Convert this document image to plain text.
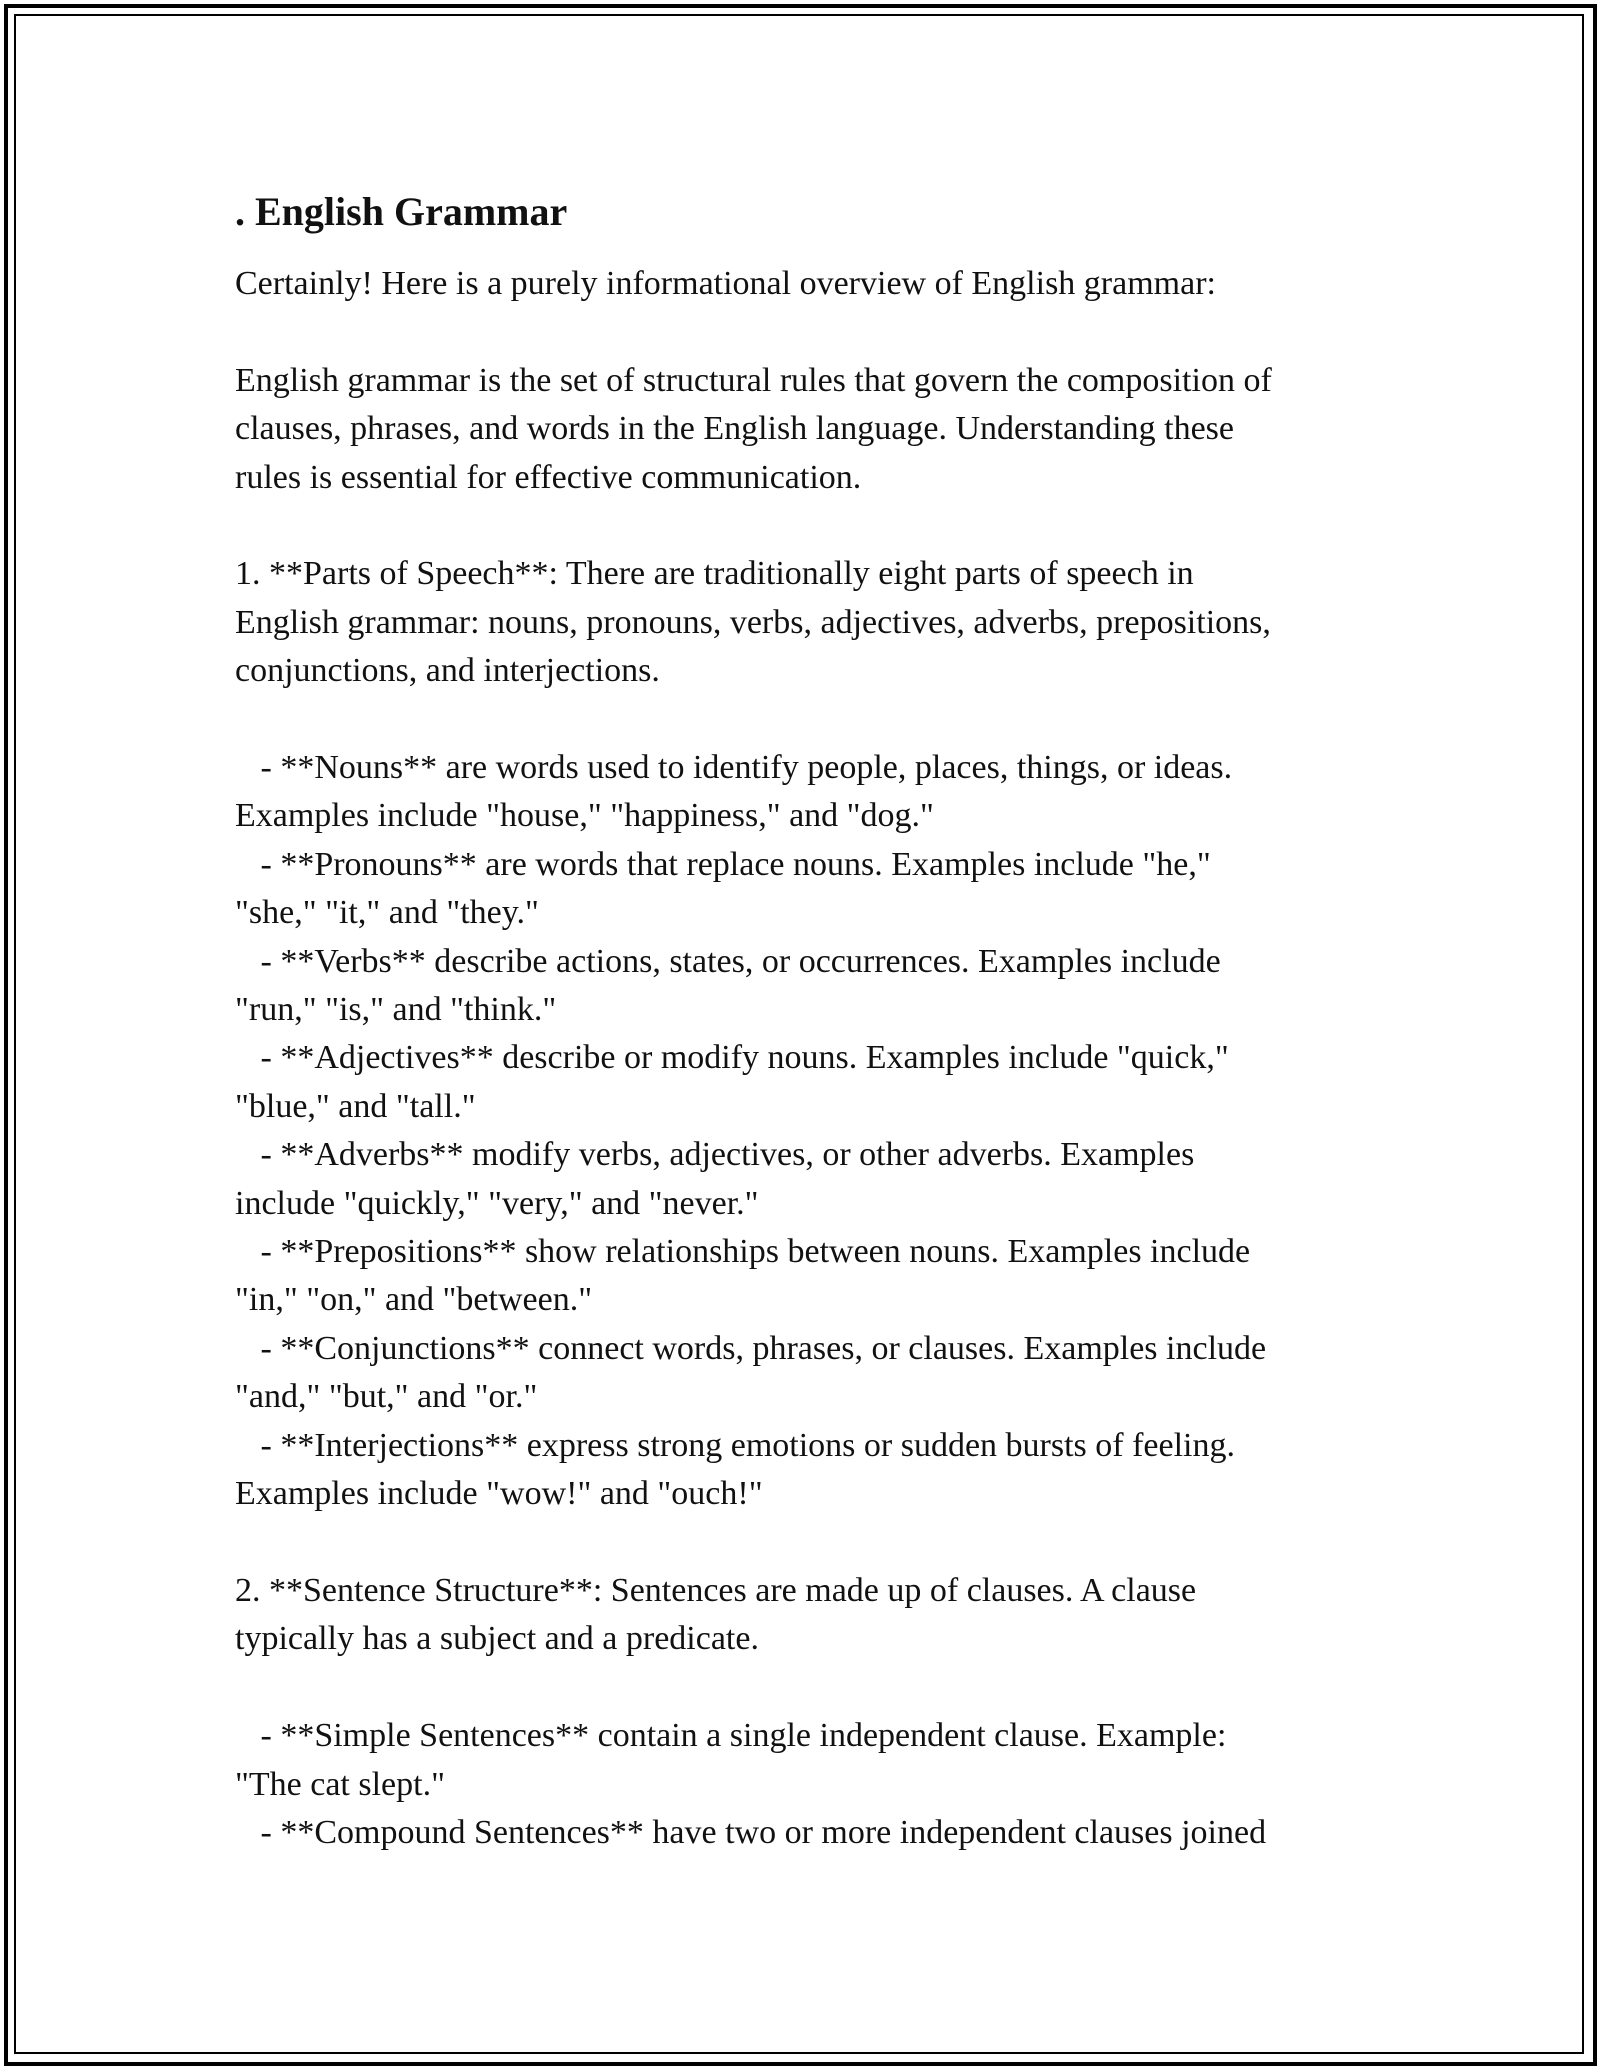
. English Grammar
Certainly! Here is a purely informational overview of English grammar:
English grammar is the set of structural rules that govern the composition of
clauses, phrases, and words in the English language. Understanding these
rules is essential for effective communication.
1. **Parts of Speech**: There are traditionally eight parts of speech in
English grammar: nouns, pronouns, verbs, adjectives, adverbs, prepositions,
conjunctions, and interjections.
- **Nouns** are words used to identify people, places, things, or ideas.
Examples include "house," "happiness," and "dog."
- **Pronouns** are words that replace nouns. Examples include "he,"
"she," "it," and "they."
- **Verbs** describe actions, states, or occurrences. Examples include
"run," "is," and "think."
- **Adjectives** describe or modify nouns. Examples include "quick,"
"blue," and "tall."
- **Adverbs** modify verbs, adjectives, or other adverbs. Examples
include "quickly," "very," and "never."
- **Prepositions** show relationships between nouns. Examples include
"in," "on," and "between."
- **Conjunctions** connect words, phrases, or clauses. Examples include
"and," "but," and "or."
- **Interjections** express strong emotions or sudden bursts of feeling.
Examples include "wow!" and "ouch!"
2. **Sentence Structure**: Sentences are made up of clauses. A clause
typically has a subject and a predicate.
- **Simple Sentences** contain a single independent clause. Example:
"The cat slept."
- **Compound Sentences** have two or more independent clauses joined
